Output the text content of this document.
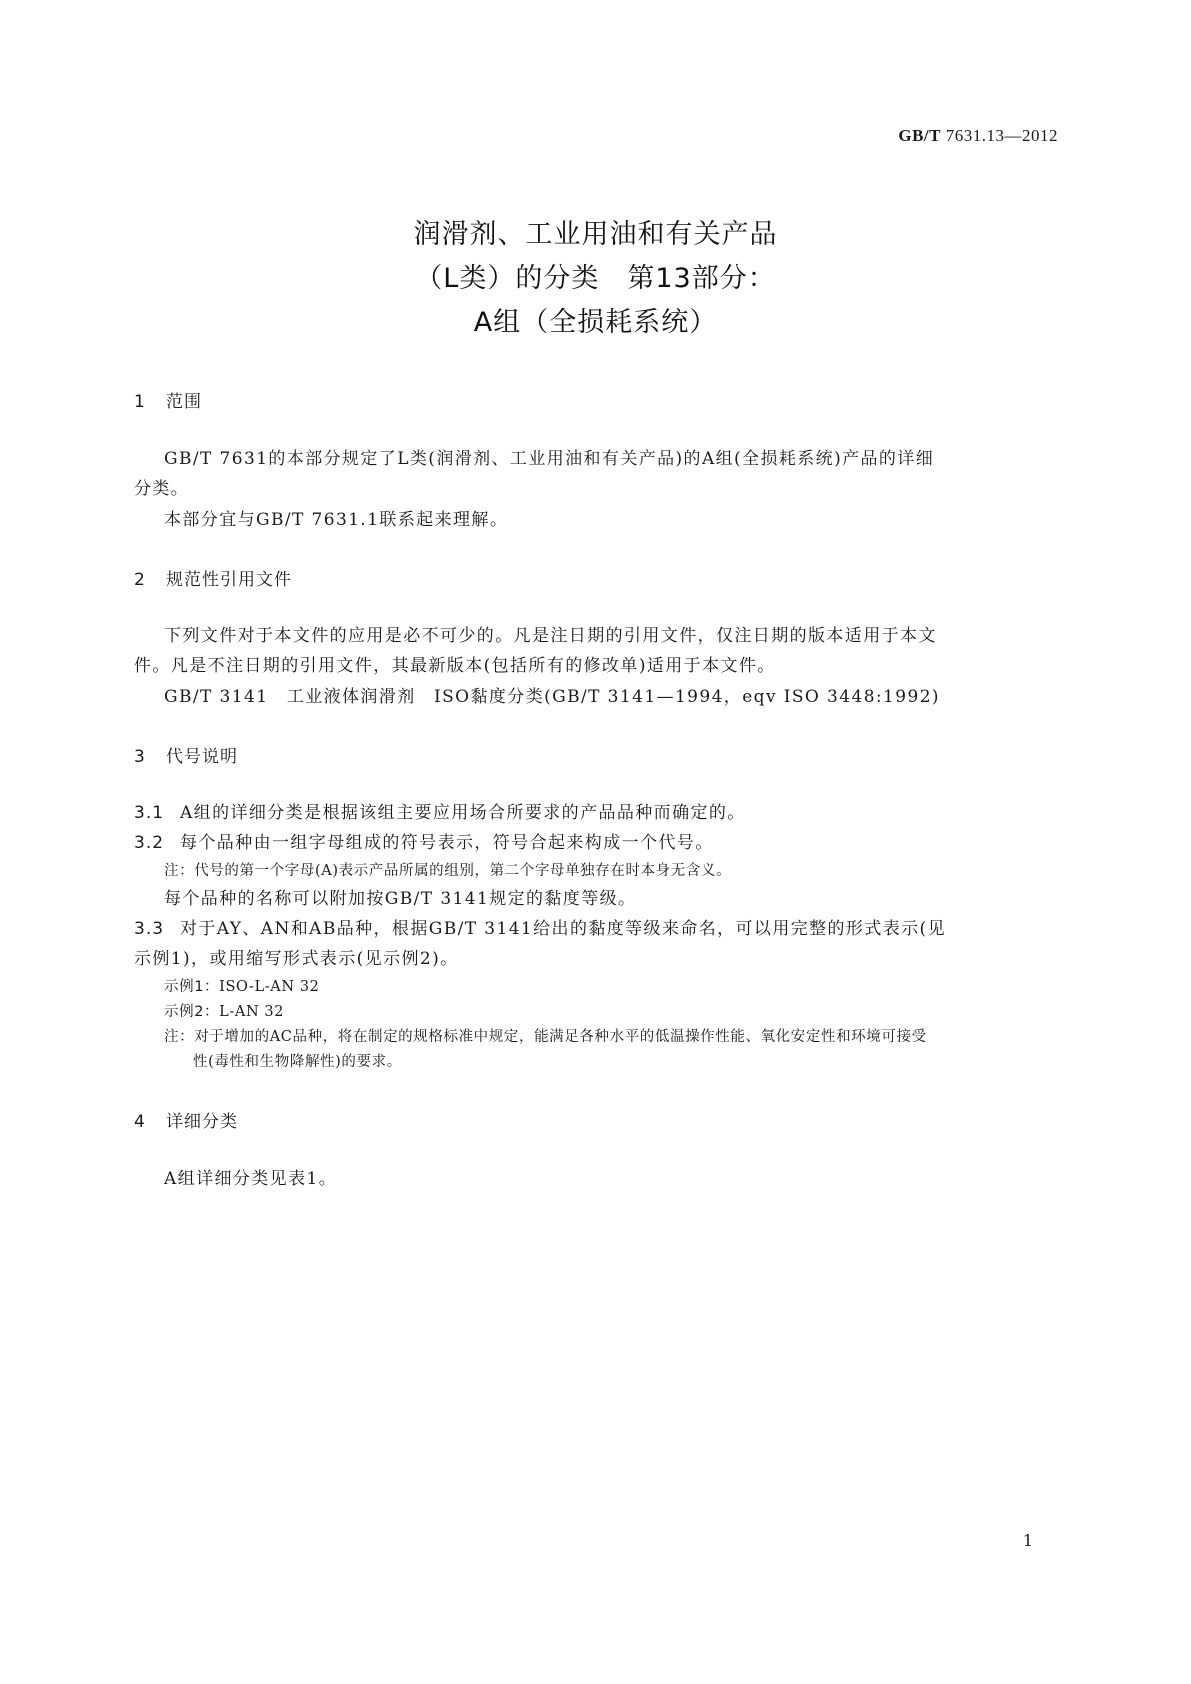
GB/T 7631.13—2012
润滑剂、工业用油和有关产品
（L类）的分类　第13部分：
A组（全损耗系统）
1 范围
GB/T 7631的本部分规定了L类(润滑剂、工业用油和有关产品)的A组(全损耗系统)产品的详细
分类。
本部分宜与GB/T 7631.1联系起来理解。
2 规范性引用文件
下列文件对于本文件的应用是必不可少的。凡是注日期的引用文件，仅注日期的版本适用于本文
件。凡是不注日期的引用文件，其最新版本(包括所有的修改单)适用于本文件。
GB/T 3141　工业液体润滑剂　ISO黏度分类(GB/T 3141—1994，eqv ISO 3448:1992)
3 代号说明
3.1 A组的详细分类是根据该组主要应用场合所要求的产品品种而确定的。
3.2 每个品种由一组字母组成的符号表示，符号合起来构成一个代号。
注：代号的第一个字母(A)表示产品所属的组别，第二个字母单独存在时本身无含义。
每个品种的名称可以附加按GB/T 3141规定的黏度等级。
3.3 对于AY、AN和AB品种，根据GB/T 3141给出的黏度等级来命名，可以用完整的形式表示(见
示例1)，或用缩写形式表示(见示例2)。
示例1：ISO-L-AN 32
示例2：L-AN 32
注：对于增加的AC品种，将在制定的规格标准中规定，能满足各种水平的低温操作性能、氧化安定性和环境可接受
性(毒性和生物降解性)的要求。
4 详细分类
A组详细分类见表1。
1
